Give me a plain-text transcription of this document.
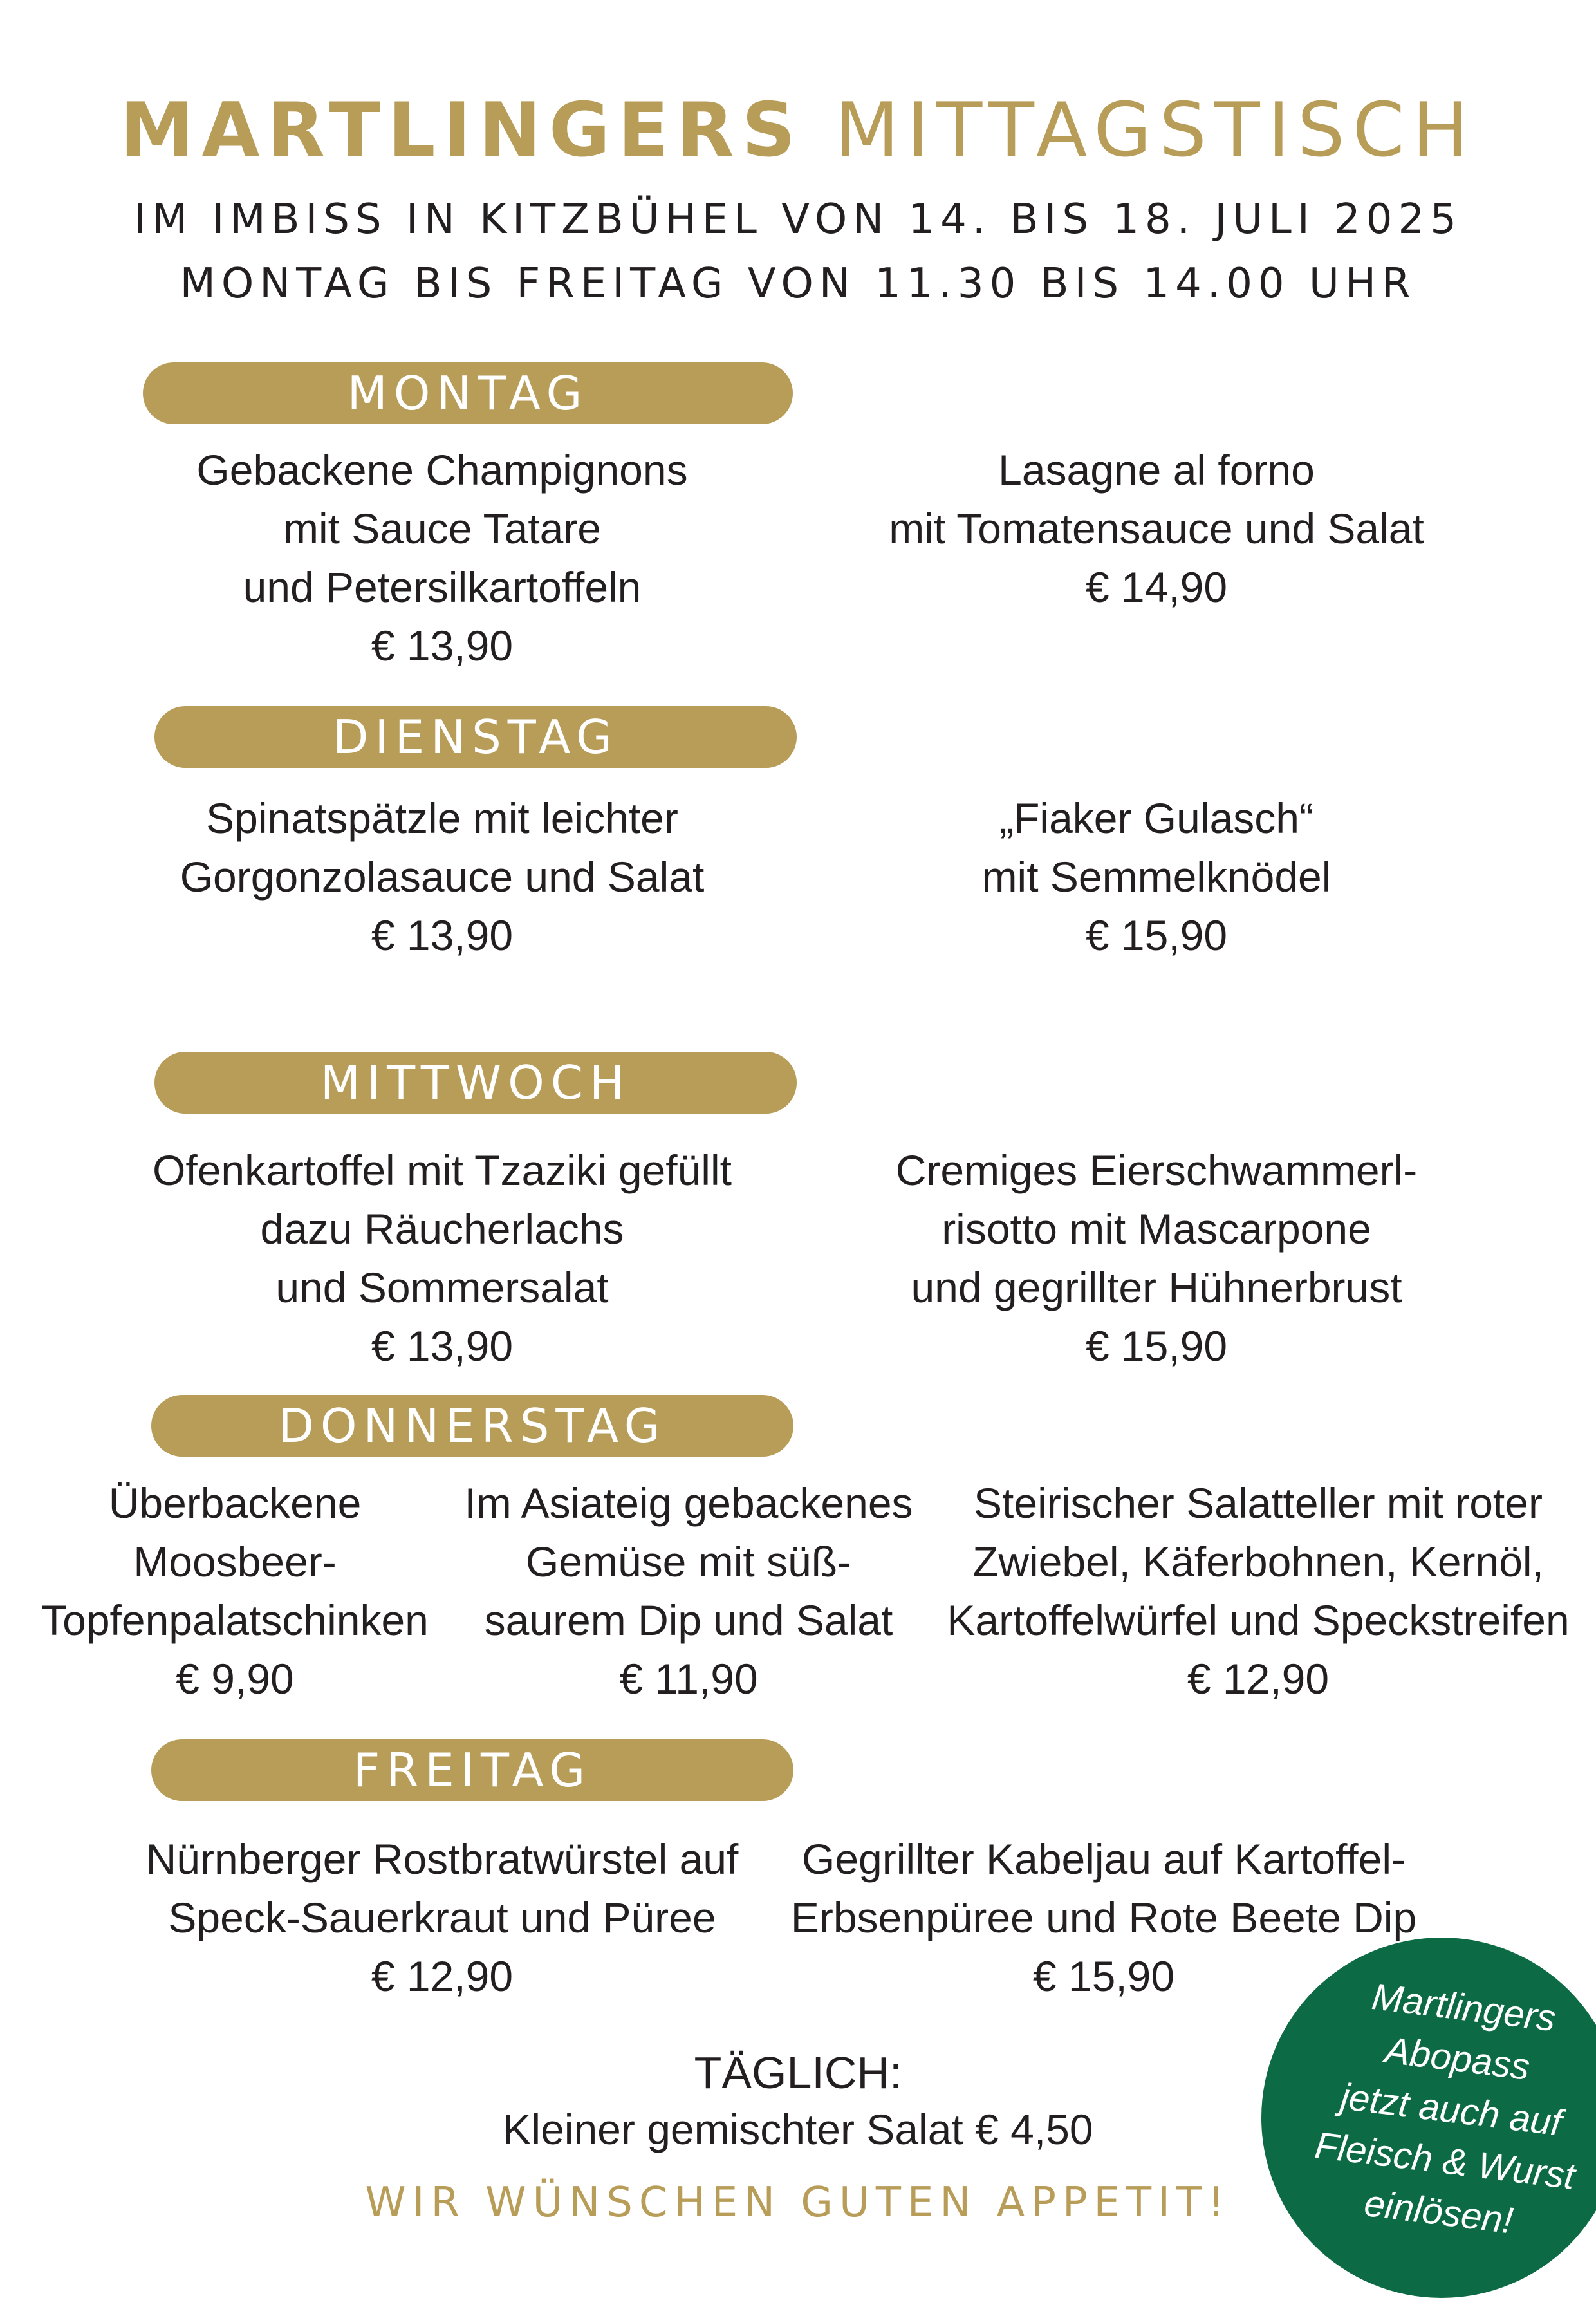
MARTLINGERS MITTAGSTISCH
IM IMBISS IN KITZBÜHEL VON 14. BIS 18. JULI 2025
MONTAG BIS FREITAG VON 11.30 BIS 14.00 UHR
MONTAG
Gebackene Champignons
mit Sauce Tatare
und Petersilkartoffeln
€ 13,90
Lasagne al forno
mit Tomatensauce und Salat
€ 14,90
DIENSTAG
Spinatspätzle mit leichter
Gorgonzolasauce und Salat
€ 13,90
„Fiaker Gulasch“
mit Semmelknödel
€ 15,90
MITTWOCH
Ofenkartoffel mit Tzaziki gefüllt
dazu Räucherlachs
und Sommersalat
€ 13,90
Cremiges Eierschwammerl-
risotto mit Mascarpone
und gegrillter Hühnerbrust
€ 15,90
DONNERSTAG
Überbackene
Moosbeer-
Topfenpalatschinken
€ 9,90
Im Asiateig gebackenes
Gemüse mit süß-
saurem Dip und Salat
€ 11,90
Steirischer Salatteller mit roter
Zwiebel, Käferbohnen, Kernöl,
Kartoffelwürfel und Speckstreifen
€ 12,90
FREITAG
Nürnberger Rostbratwürstel auf
Speck-Sauerkraut und Püree
€ 12,90
Gegrillter Kabeljau auf Kartoffel-
Erbsenpüree und Rote Beete Dip
€ 15,90
TÄGLICH:
Kleiner gemischter Salat € 4,50
WIR WÜNSCHEN GUTEN APPETIT!
Martlingers
Abopass
jetzt auch auf
Fleisch & Wurst
einlösen!
